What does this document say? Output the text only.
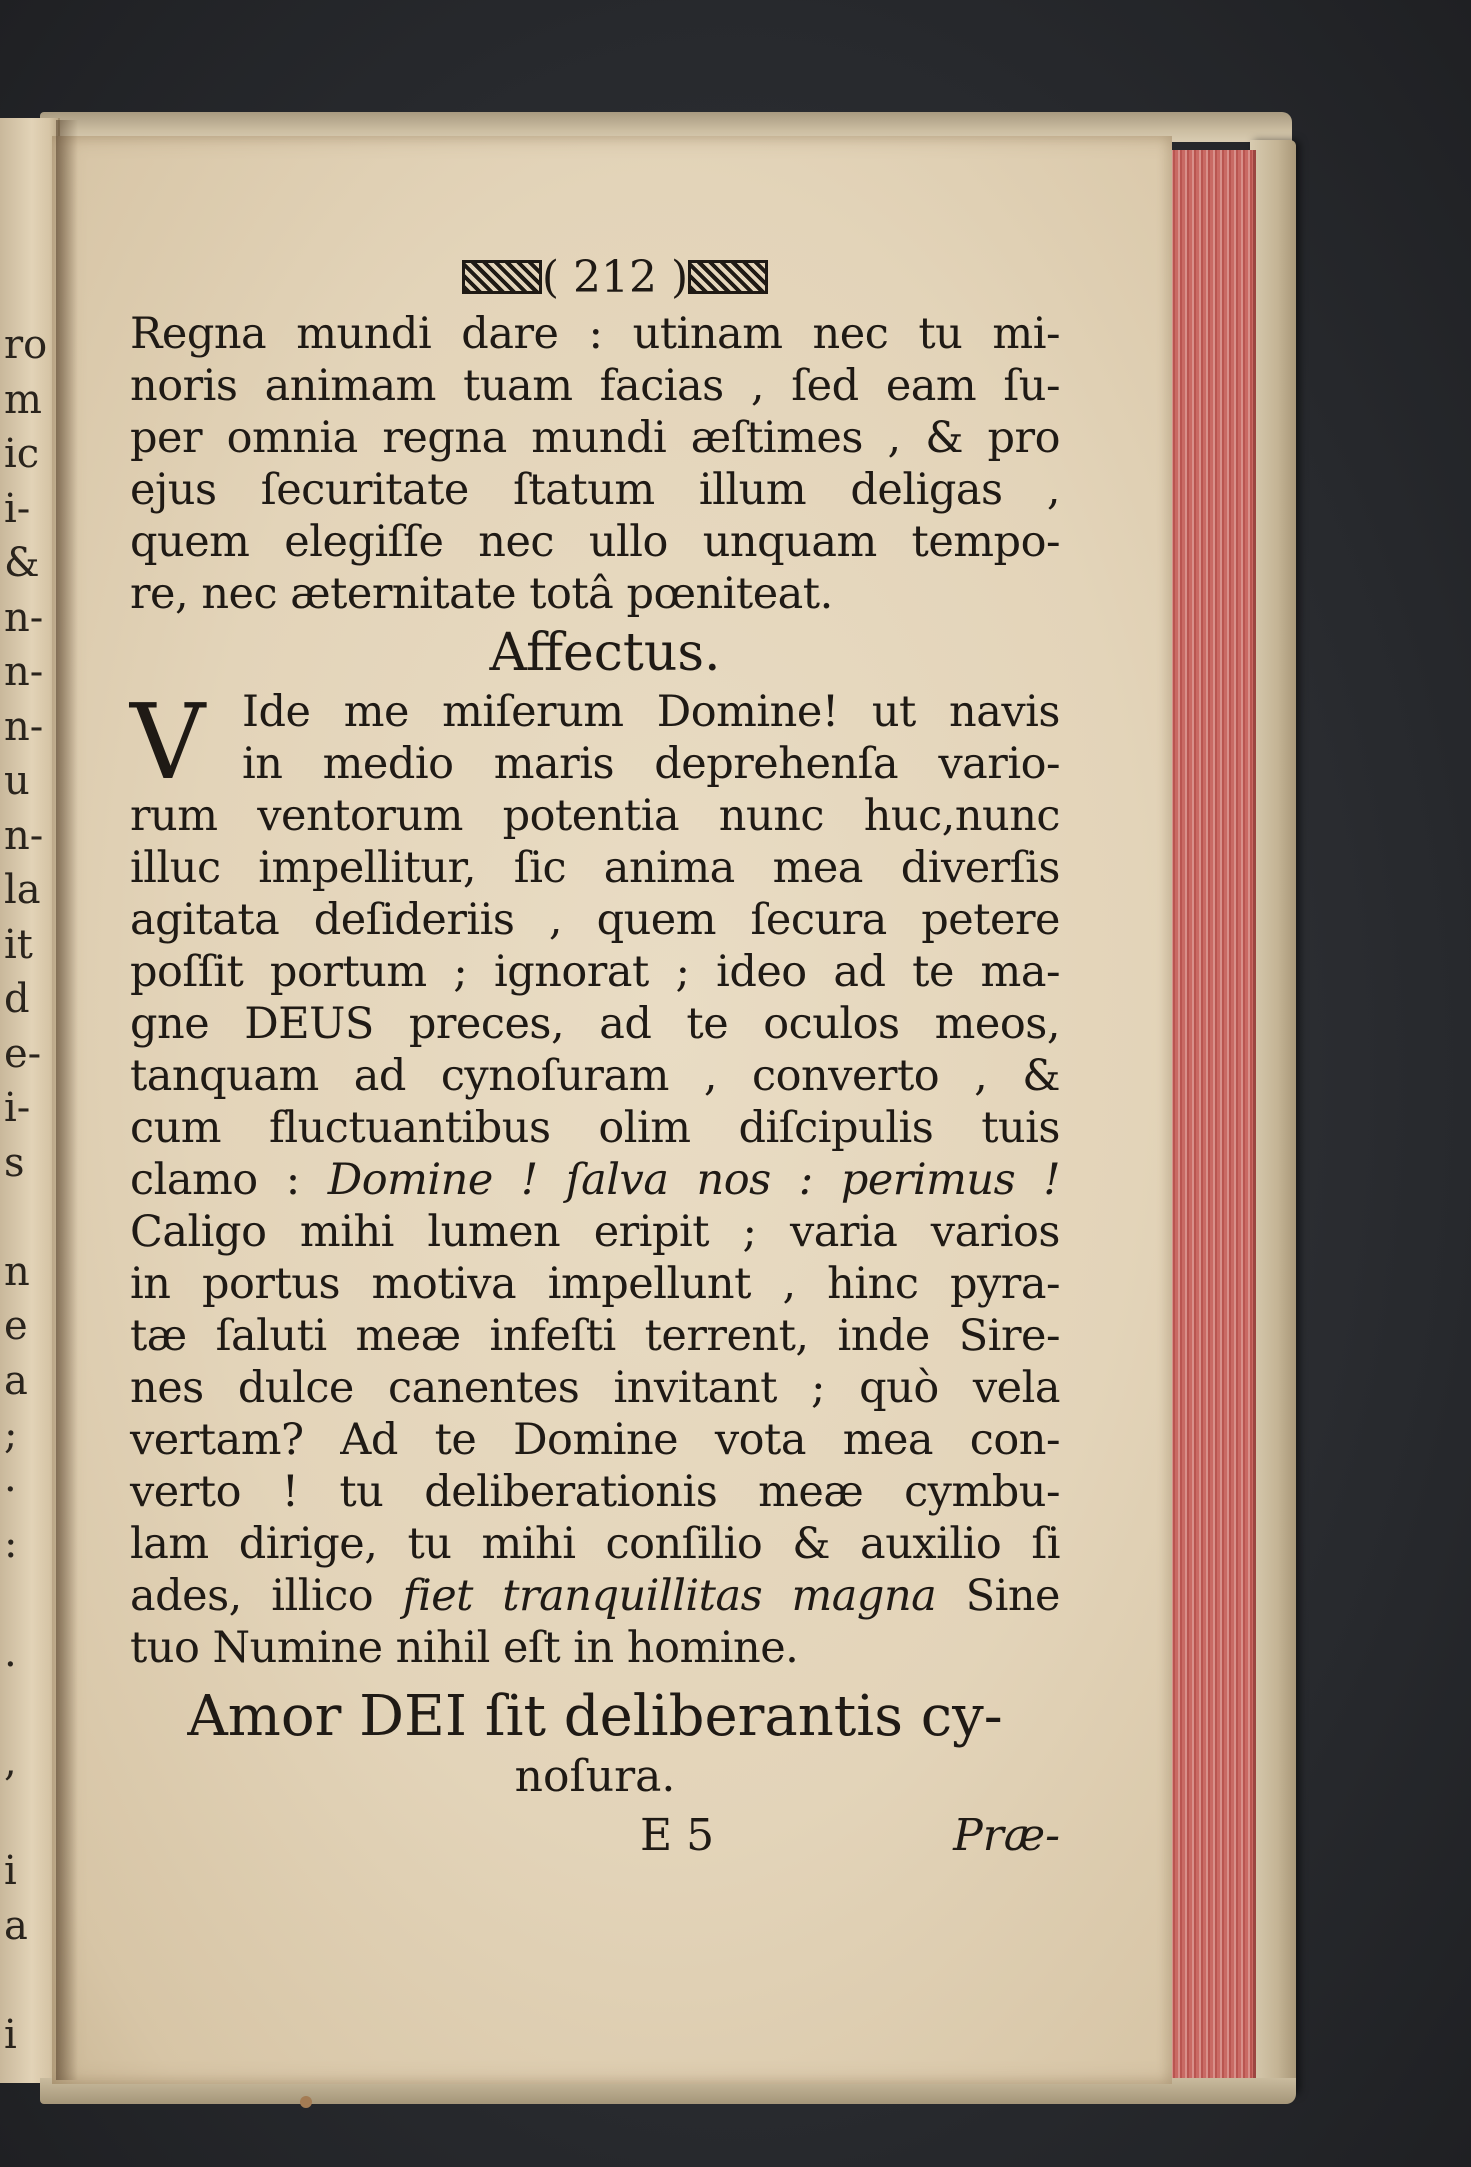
ro
m
ic
i-
&
n-
n-
n-
u
n-
la
it
d
e-
i-
s
n
e
a
;
·
:
.
,
i
a
i
( 212 )
Regna mundi dare : utinam nec tu mi-
noris animam tuam facias , ſed eam ſu-
per omnia regna mundi æſtimes , & pro
ejus ſecuritate ſtatum illum deligas ,
quem elegiſſe nec ullo unquam tempo-
re, nec æternitate totâ pœniteat.
Affectus.
V Ide me miſerum Domine! ut navis
in medio maris deprehenſa vario-
rum ventorum potentia nunc huc,nunc
illuc impellitur, ſic anima mea diverſis
agitata deſideriis , quem ſecura petere
poſſit portum ; ignorat ; ideo ad te ma-
gne DEUS preces, ad te oculos meos,
tanquam ad cynoſuram , converto , &
cum fluctuantibus olim diſcipulis tuis
clamo : Domine ! ſalva nos : perimus !
Caligo mihi lumen eripit ; varia varios
in portus motiva impellunt , hinc pyra-
tæ ſaluti meæ infeſti terrent, inde Sire-
nes dulce canentes invitant ; quò vela
vertam? Ad te Domine vota mea con-
verto ! tu deliberationis meæ cymbu-
lam dirige, tu mihi conſilio & auxilio ſi
ades, illico fiet tranquillitas magna Sine
tuo Numine nihil eſt in homine.
Amor DEI ſit deliberantis cy-
noſura.
E 5	Præ-
